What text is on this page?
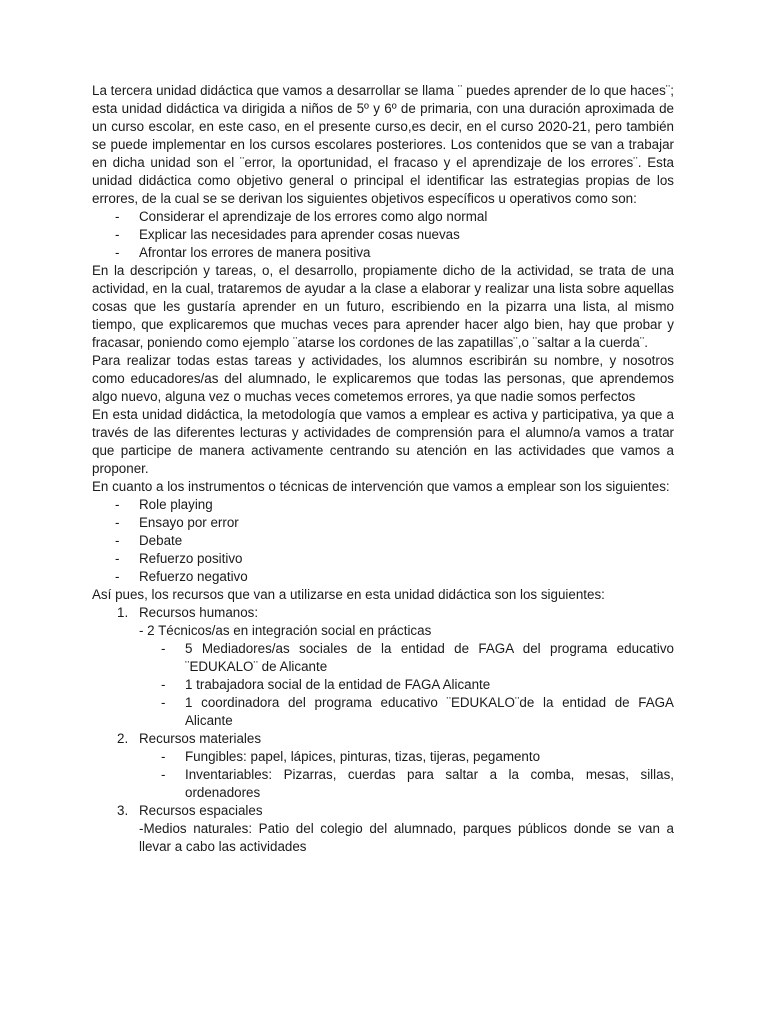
La tercera unidad didáctica que vamos a desarrollar se llama ¨ puedes aprender de lo que haces¨; esta unidad didáctica va dirigida a niños de 5º y 6º de primaria, con una duración aproximada de un curso escolar, en este caso, en el presente curso,es decir, en el curso 2020-21, pero también se puede implementar en los cursos escolares posteriores. Los contenidos que se van a trabajar en dicha unidad son el ¨error, la oportunidad, el fracaso y el aprendizaje de los errores¨. Esta unidad didáctica como objetivo general o principal el identificar las estrategias propias de los errores, de la cual se se derivan los siguientes objetivos específicos u operativos como son:

- Considerar el aprendizaje de los errores como algo normal
- Explicar las necesidades para aprender cosas nuevas
- Afrontar los errores de manera positiva

En la descripción y tareas, o, el desarrollo, propiamente dicho de la actividad, se trata de una actividad, en la cual, trataremos de ayudar a la clase a elaborar y realizar una lista sobre aquellas cosas que les gustaría aprender en un futuro, escribiendo en la pizarra una lista, al mismo tiempo, que explicaremos que muchas veces para aprender hacer algo bien, hay que probar y fracasar, poniendo como ejemplo ¨atarse los cordones de las zapatillas¨,o ¨saltar a la cuerda¨.

Para realizar todas estas tareas y actividades, los alumnos escribirán su nombre, y nosotros como educadores/as del alumnado, le explicaremos que todas las personas, que aprendemos algo nuevo, alguna vez o muchas veces cometemos errores, ya que nadie somos perfectos

En esta unidad didáctica, la metodología que vamos a emplear es activa y participativa, ya que a través de las diferentes lecturas y actividades de comprensión para el alumno/a vamos a tratar que participe de manera activamente centrando su atención en las actividades que vamos a proponer.

En cuanto a los instrumentos o técnicas de intervención que vamos a emplear son los siguientes:

- Role playing
- Ensayo por error
- Debate
- Refuerzo positivo
- Refuerzo negativo

Así pues, los recursos que van a utilizarse en esta unidad didáctica son los siguientes:

1. Recursos humanos:
- 2 Técnicos/as en integración social en prácticas
- 5 Mediadores/as sociales de la entidad de FAGA del programa educativo ¨EDUKALO¨ de Alicante
- 1 trabajadora social de la entidad de FAGA Alicante
- 1 coordinadora del programa educativo ¨EDUKALO¨de la entidad de FAGA Alicante
2. Recursos materiales
- Fungibles: papel, lápices, pinturas, tizas, tijeras, pegamento
- Inventariables: Pizarras, cuerdas para saltar a la comba, mesas, sillas, ordenadores
3. Recursos espaciales
-Medios naturales: Patio del colegio del alumnado, parques públicos donde se van a llevar a cabo las actividades
